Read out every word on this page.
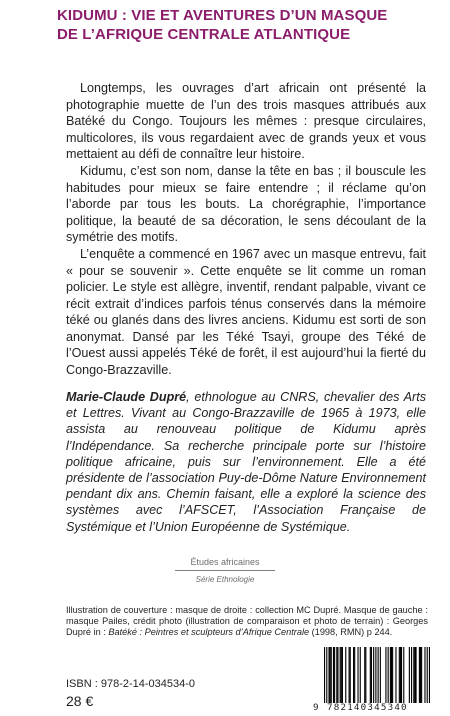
KIDUMU : VIE ET AVENTURES D’UN MASQUE
DE L’AFRIQUE CENTRALE ATLANTIQUE

Longtemps, les ouvrages d’art africain ont présenté la photographie muette de l’un des trois masques attribués aux Batéké du Congo. Toujours les mêmes : presque circulaires, multicolores, ils vous regardaient avec de grands yeux et vous mettaient au défi de connaître leur histoire.

Kidumu, c’est son nom, danse la tête en bas ; il bouscule les habitudes pour mieux se faire entendre ; il réclame qu’on l’aborde par tous les bouts. La chorégraphie, l’importance politique, la beauté de sa décoration, le sens découlant de la symétrie des motifs.

L’enquête a commencé en 1967 avec un masque entrevu, fait « pour se souvenir ». Cette enquête se lit comme un roman policier. Le style est allègre, inventif, rendant palpable, vivant ce récit extrait d’indices parfois ténus conservés dans la mémoire téké ou glanés dans des livres anciens. Kidumu est sorti de son anonymat. Dansé par les Téké Tsayi, groupe des Téké de l’Ouest aussi appelés Téké de forêt, il est aujourd’hui la fierté du Congo-Brazzaville.

Marie-Claude Dupré, ethnologue au CNRS, chevalier des Arts et Lettres. Vivant au Congo-Brazzaville de 1965 à 1973, elle assista au renouveau politique de Kidumu après l’Indépendance. Sa recherche principale porte sur l’histoire politique africaine, puis sur l’environnement. Elle a été présidente de l’association Puy-de-Dôme Nature Environnement pendant dix ans. Chemin faisant, elle a exploré la science des systèmes avec l’AFSCET, l’Association Française de Systémique et l’Union Européenne de Systémique.

Études africaines
Série Ethnologie

Illustration de couverture : masque de droite : collection MC Dupré. Masque de gauche : masque Pailes, crédit photo (illustration de comparaison et photo de terrain) : Georges Dupré in : Batéké : Peintres et sculpteurs d’Afrique Centrale (1998, RMN) p 244.

ISBN : 978-2-14-034534-0
28 €	9 782140345340
